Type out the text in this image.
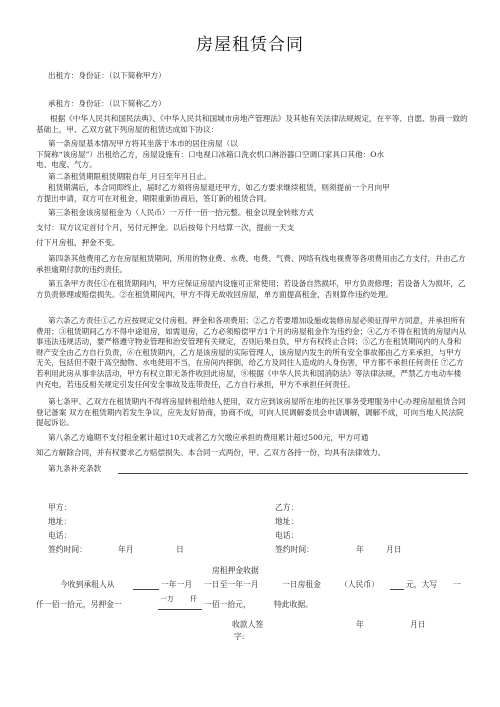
房屋租赁合同
出租方：身份证：（以下简称甲方）
承租方：身份证：（以下简称乙方）
根据《中华人民共和国民法典》、《中华人民共和国城市房地产管理法》及其他有关法律法规规定，在平等、自愿、协商一致的基础上，甲、乙双方就下列房屋的租赁达成如下协议：
第一条房屋基本情况甲方将其坐落于本市的居住房屋（以
下简称“该房屋”）出租给乙方，房屋设施有：口电视口冰箱口洗衣机口淋浴器口空调口家具口其他：O水
电、电度、气方。
第二条租赁期限租赁期限自年_月日至年月日止。
租赁期满后，本合同即终止，届时乙方须将房屋退还甲方，如乙方要求继续租赁，则须提前一个月向甲
方提出申请，双方可在对租金、期限重新协商后，签订新的租赁合同。
第三条租金该房屋租金为（人民币）一万仟一佰一拾元整。租金以现金转账方式
支付：双方议定首付个月，另付元押金。以后按每个月结算一次，提前一天支
付下月房租，押金不变。
第四条其他费用乙方在房屋租赁期间，所用的物业费、水费、电费、气费、网络有线电视费等各项费用由乙方支付，并由乙方承担逾期付款的违约责任。
第五条甲方责任①在租赁期间内，甲方应保证房屋内设施可正常使用；若设备自然损坏，甲方负责修理；若设备人为损坏，乙方负责修理或赔偿损失。②在租赁期间内，甲方不得无故收回房屋，单方面提高租金，否则算作违约处理。
第六条乙方责任①乙方应按规定交付房租、押金和各项费用；②乙方若要增加设施或装修房屋必须征得甲方同意，并承担所有费用；③租赁期间乙方不得中途退房，如需退房，乙方必须赔偿甲方1个月的房屋租金作为违约金；④乙方不得在租赁的房屋内从事违法违规活动，要严格遵守物业管理和治安管理有关规定，否则后果自负，甲方有权终止合同；⑤乙方在租赁期间内的人身和财产安全由乙方自行负责，⑥在租赁期内，乙方是该房屋的实际管理人，该房屋内发生的所有安全事故都由乙方来承担，与甲方无关，包括但不限于高空抛物、水电使用不当，在房间内摔倒，给乙方及同住人造成的人身伤害，甲方都不承担任何责任 ⑦乙方若利用此房从事非法活动，甲方有权立即无条件收回此房屋，⑧根据《中华人民共和国消防法》等法律法规，严禁乙方电动车楼内充电，若违反相关规定引发任何安全事故及连带责任，乙方自行承担，甲方不承担任何责任。
第七条甲、乙双方在租赁期内不得将房屋转租给他人使用，双方应到该房屋所在地的社区事务受理服务中心办理房屋租赁合同登记备案 双方在租赁期内若发生争议，应先友好协商，协商不成，可向人民调解委员会申请调解，调解不成，可向当地人民法院提起诉讼。
第八条乙方逾期不支付租金累计超过10天或者乙方欠缴应承担的费用累计超过500元，甲方可通
知乙方解除合同，并有权要求乙方赔偿损失。本合同一式两份，甲、乙双方各持一份，均具有法律效力。
第九条补充条款
甲方：
地址：
电话：
签约时间：	年月	日
乙方：
地址：
电话：
签约时间：	年	月日
房租押金收据
今收到承租人从	一年一月 一日至一年一月	一日房租金 （人民币）	元，大写 一
一万 仟
仟一佰一拾元，另押金一	一佰一拾元，	特此收据。
收款人签
字:
年	月日
